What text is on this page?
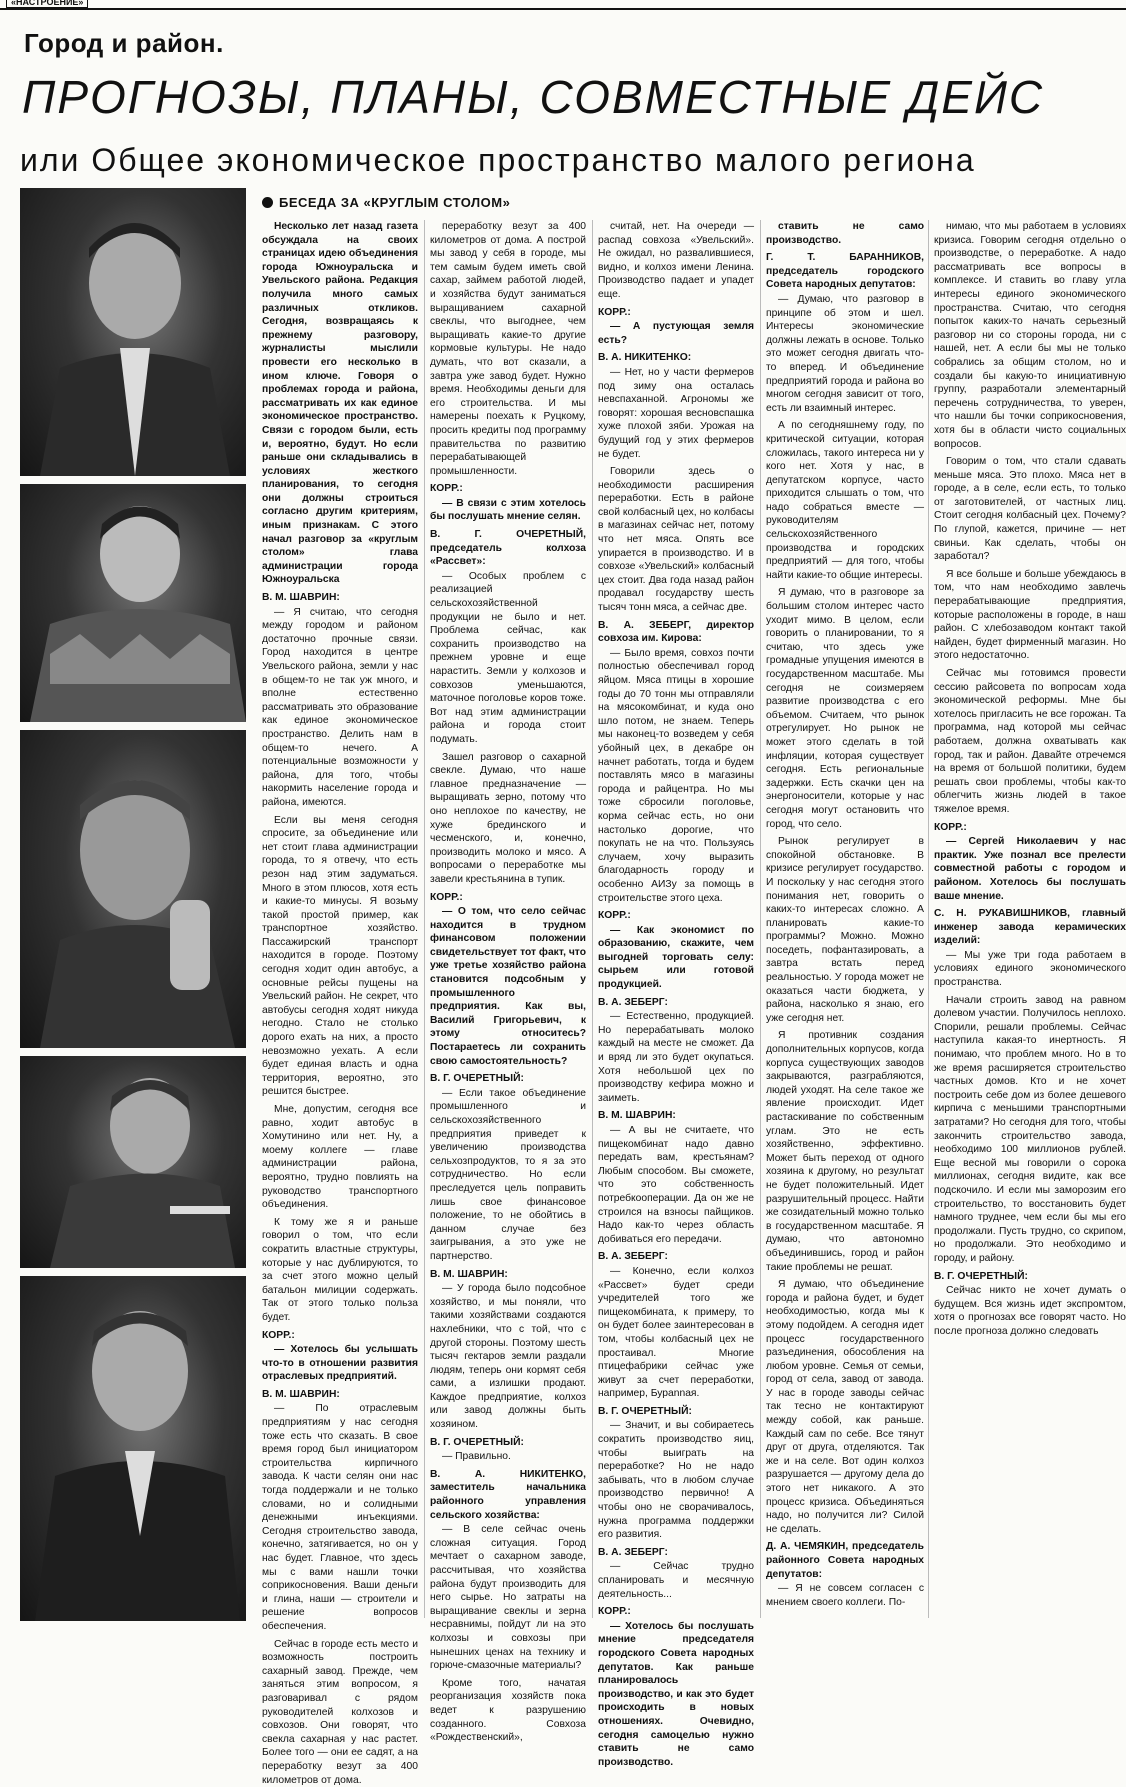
«НАСТРОЕНИЕ»
Город и район.
ПРОГНОЗЫ, ПЛАНЫ, СОВМЕСТНЫЕ ДЕЙС
или Общее экономическое пространство малого региона
БЕСЕДА ЗА «КРУГЛЫМ СТОЛОМ»

Несколько лет назад газета обсуждала на своих страницах идею объединения города Южноуральска и Увельского района. Редакция получила много самых различных откликов. Сегодня, возвращаясь к прежнему разговору, журналисты мыслили провести его несколько в ином ключе. Говоря о проблемах города и района, рассматривать их как единое экономическое пространство. Связи с городом были, есть и, вероятно, будут. Но если раньше они складывались в условиях жесткого планирования, то сегодня они должны строиться согласно другим критериям, иным признакам. С этого начал разговор за «круглым столом» глава администрации города Южноуральска

В. М. ШАВРИН:

— Я считаю, что сегодня между городом и районом достаточно прочные связи. Город находится в центре Увельского района, земли у нас в общем-то не так уж много, и вполне естественно рассматривать это образование как единое экономическое пространство. Делить нам в общем-то нечего. А потенциальные возможности у района, для того, чтобы накормить население города и района, имеются.

Если вы меня сегодня спросите, за объединение или нет стоит глава администрации города, то я отвечу, что есть резон над этим задуматься. Много в этом плюсов, хотя есть и какие-то минусы. Я возьму такой простой пример, как транспортное хозяйство. Пассажирский транспорт находится в городе. Поэтому сегодня ходит один автобус, а основные рейсы пущены на Увельский район. Не секрет, что автобусы сегодня ходят никуда негодно. Стало не столько дорого ехать на них, а просто невозможно уехать. А если будет единая власть и одна территория, вероятно, это решится быстрее.

Мне, допустим, сегодня все равно, ходит автобус в Хомутинино или нет. Ну, а моему коллеге — главе администрации района, вероятно, трудно повлиять на руководство транспортного объединения.

К тому же я и раньше говорил о том, что если сократить властные структуры, которые у нас дублируются, то за счет этого можно целый батальон милиции содержать. Так от этого только польза будет.

КОРР.:

— Хотелось бы услышать что-то в отношении развития отраслевых предприятий.

В. М. ШАВРИН:

— По отраслевым предприятиям у нас сегодня тоже есть что сказать. В свое время город был инициатором строительства кирпичного завода. К части селян они нас тогда поддержали и не только словами, но и солидными денежными инъекциями. Сегодня строительство завода, конечно, затягивается, но он у нас будет. Главное, что здесь мы с вами нашли точки соприкосновения. Ваши деньги и глина, наши — строители и решение вопросов обеспечения.

Сейчас в городе есть место и возможность построить сахарный завод. Прежде, чем заняться этим вопросом, я разговаривал с рядом руководителей колхозов и совхозов. Они говорят, что свекла сахарная у нас растет. Более того — они ее садят, а на переработку везут за 400 километров от дома.

переработку везут за 400 километров от дома. А построй мы завод у себя в городе, мы тем самым будем иметь свой сахар, займем работой людей, и хозяйства будут заниматься выращиванием сахарной свеклы, что выгоднее, чем выращивать какие-то другие кормовые культуры. Не надо думать, что вот сказали, а завтра уже завод будет. Нужно время. Необходимы деньги для его строительства. И мы намерены поехать к Руцкому, просить кредиты под программу правительства по развитию перерабатывающей промышленности.

КОРР.:

— В связи с этим хотелось бы послушать мнение селян.

В. Г. ОЧЕРЕТНЫЙ, председатель колхоза «Рассвет»:

— Особых проблем с реализацией сельскохозяйственной продукции не было и нет. Проблема сейчас, как сохранить производство на прежнем уровне и еще нарастить. Земли у колхозов и совхозов уменьшаются, маточное поголовье коров тоже. Вот над этим администрации района и города стоит подумать.

Зашел разговор о сахарной свекле. Думаю, что наше главное предназначение — выращивать зерно, потому что оно неплохое по качеству, не хуже брединского и чесменского, и, конечно, производить молоко и мясо. А вопросами о переработке мы завели крестьянина в тупик.

КОРР.:

— О том, что село сейчас находится в трудном финансовом положении свидетельствует тот факт, что уже третье хозяйство района становится подсобным у промышленного предприятия. Как вы, Василий Григорьевич, к этому относитесь? Постараетесь ли сохранить свою самостоятельность?

В. Г. ОЧЕРЕТНЫЙ:

— Если такое объединение промышленного и сельскохозяйственного предприятия приведет к увеличению производства сельхозпродуктов, то я за это сотрудничество. Но если преследуется цель поправить лишь свое финансовое положение, то не обойтись в данном случае без заигрывания, а это уже не партнерство.

В. М. ШАВРИН:

— У города было подсобное хозяйство, и мы поняли, что такими хозяйствами создаются нахлебники, что с той, что с другой стороны. Поэтому шесть тысяч гектаров земли раздали людям, теперь они кормят себя сами, а излишки продают. Каждое предприятие, колхоз или завод должны быть хозяином.

В. Г. ОЧЕРЕТНЫЙ:

— Правильно.

В. А. НИКИТЕНКО, заместитель начальника районного управления сельского хозяйства:

— В селе сейчас очень сложная ситуация. Город мечтает о сахарном заводе, рассчитывая, что хозяйства района будут производить для него сырье. Но затраты на выращивание свеклы и зерна несравнимы, пойдут ли на это колхозы и совхозы при нынешних ценах на технику и горюче-смазочные материалы?

Кроме того, начатая реорганизация хозяйств пока ведет к разрушению созданного. Совхоза «Рождественский»,

считай, нет. На очереди — распад совхоза «Увельский». Не ожидал, но развалившиеся, видно, и колхоз имени Ленина. Производство падает и упадет еще.

КОРР.:

— А пустующая земля есть?

В. А. НИКИТЕНКО:

— Нет, но у части фермеров под зиму она осталась невспаханной. Агрономы же говорят: хорошая весновспашка хуже плохой зяби. Урожая на будущий год у этих фермеров не будет.

Говорили здесь о необходимости расширения переработки. Есть в районе свой колбасный цех, но колбасы в магазинах сейчас нет, потому что нет мяса. Опять все упирается в производство. И в совхозе «Увельский» колбасный цех стоит. Два года назад район продавал государству шесть тысяч тонн мяса, а сейчас две.

В. А. ЗЕБЕРГ, директор совхоза им. Кирова:

— Было время, совхоз почти полностью обеспечивал город яйцом. Мяса птицы в хорошие годы до 70 тонн мы отправляли на мясокомбинат, и куда оно шло потом, не знаем. Теперь мы наконец-то возведем у себя убойный цех, в декабре он начнет работать, тогда и будем поставлять мясо в магазины города и райцентра. Но мы тоже сбросили поголовье, корма сейчас есть, но они настолько дорогие, что покупать не на что. Пользуясь случаем, хочу выразить благодарность городу и особенно АИЗу за помощь в строительстве этого цеха.

КОРР.:

— Как экономист по образованию, скажите, чем выгодней торговать селу: сырьем или готовой продукцией.

В. А. ЗЕБЕРГ:

— Естественно, продукцией. Но перерабатывать молоко каждый на месте не сможет. Да и вряд ли это будет окупаться. Хотя небольшой цех по производству кефира можно и заиметь.

В. М. ШАВРИН:

— А вы не считаете, что пищекомбинат надо давно передать вам, крестьянам? Любым способом. Вы сможете, что это собственность потребкооперации. Да он же не строился на взносы пайщиков. Надо как-то через область добиваться его передачи.

В. А. ЗЕБЕРГ:

— Конечно, если колхоз «Рассвет» будет среди учредителей того же пищекомбината, к примеру, то он будет более заинтересован в том, чтобы колбасный цех не простаивал. Многие птицефабрики сейчас уже живут за счет переработки, например, Бурannaя.

В. Г. ОЧЕРЕТНЫЙ:

— Значит, и вы собираетесь сократить производство яиц, чтобы выиграть на переработке? Но не надо забывать, что в любом случае производство первично! А чтобы оно не сворачивалось, нужна программа поддержки его развития.

В. А. ЗЕБЕРГ:

— Сейчас трудно спланировать и месячную деятельность...

КОРР.:

— Хотелось бы послушать мнение председателя городского Совета народных депутатов. Как раньше планировалось производство, и как это будет происходить в новых отношениях. Очевидно, сегодня самоцелью нужно ставить не само производство.

ставить не само производство.

Г. Т. БАРАННИКОВ, председатель городского Совета народных депутатов:

— Думаю, что разговор в принципе об этом и шел. Интересы экономические должны лежать в основе. Только это может сегодня двигать что-то вперед. И объединение предприятий города и района во многом сегодня зависит от того, есть ли взаимный интерес.

А по сегодняшнему году, по критической ситуации, которая сложилась, такого интереса ни у кого нет. Хотя у нас, в депутатском корпусе, часто приходится слышать о том, что надо собраться вместе — руководителям сельскохозяйственного производства и городских предприятий — для того, чтобы найти какие-то общие интересы.

Я думаю, что в разговоре за большим столом интерес часто уходит мимо. В целом, если говорить о планировании, то я считаю, что здесь уже громадные упущения имеются в государственном масштабе. Мы сегодня не соизмеряем развитие производства с его объемом. Считаем, что рынок отрегулирует. Но рынок не может этого сделать в той инфляции, которая существует сегодня. Есть региональные задержки. Есть скачки цен на энергоносители, которые у нас сегодня могут остановить что город, что село.

Рынок регулирует в спокойной обстановке. В кризисе регулирует государство. И поскольку у нас сегодня этого понимания нет, говорить о каких-то интересах сложно. А планировать какие-то программы? Можно. Можно поседеть, пофантазировать, а завтра встать перед реальностью. У города может не оказаться части бюджета, у района, насколько я знаю, его уже сегодня нет.

Я противник создания дополнительных корпусов, когда корпуса существующих заводов закрываются, разграбляются, людей уходят. На селе такое же явление происходит. Идет растаскивание по собственным углам. Это не есть хозяйственно, эффективно. Может быть переход от одного хозяина к другому, но результат не будет положительный. Идет разрушительный процесс. Найти же созидательный можно только в государственном масштабе. Я думаю, что автономно объединившись, город и район такие проблемы не решат.

Я думаю, что объединение города и района будет, и будет необходимостью, когда мы к этому подойдем. А сегодня идет процесс государственного разъединения, обособления на любом уровне. Семья от семьи, город от села, завод от завода. У нас в городе заводы сейчас так тесно не контактируют между собой, как раньше. Каждый сам по себе. Все тянут друг от друга, отделяются. Так же и на селе. Вот один колхоз разрушается — другому дела до этого нет никакого. А это процесс кризиса. Объединяться надо, но получится ли? Силой не сделать.

Д. А. ЧЕМЯКИН, председатель районного Совета народных депутатов:

— Я не совсем согласен с мнением своего коллеги. По-

нимаю, что мы работаем в условиях кризиса. Говорим сегодня отдельно о производстве, о переработке. А надо рассматривать все вопросы в комплексе. И ставить во главу угла интересы единого экономического пространства. Считаю, что сегодня попыток каких-то начать серьезный разговор ни со стороны города, ни с нашей, нет. А если бы мы не только собрались за общим столом, но и создали бы какую-то инициативную группу, разработали элементарный перечень сотрудничества, то уверен, что нашли бы точки соприкосновения, хотя бы в области чисто социальных вопросов.

Говорим о том, что стали сдавать меньше мяса. Это плохо. Мяса нет в городе, а в селе, если есть, то только от заготовителей, от частных лиц. Стоит сегодня колбасный цех. Почему? По глупой, кажется, причине — нет свиньи. Как сделать, чтобы он заработал?

Я все больше и больше убеждаюсь в том, что нам необходимо завлечь перерабатывающие предприятия, которые расположены в городе, в наш район. С хлебозаводом контакт такой найден, будет фирменный магазин. Но этого недостаточно.

Сейчас мы готовимся провести сессию райсовета по вопросам хода экономической реформы. Мне бы хотелось пригласить не все горожан. Та программа, над которой мы сейчас работаем, должна охватывать как город, так и район. Давайте отречемся на время от большой политики, будем решать свои проблемы, чтобы как-то облегчить жизнь людей в такое тяжелое время.

КОРР.:

— Сергей Николаевич у нас практик. Уже познал все прелести совместной работы с городом и районом. Хотелось бы послушать ваше мнение.

С. Н. РУКАВИШНИКОВ, главный инженер завода керамических изделий:

— Мы уже три года работаем в условиях единого экономического пространства.

Начали строить завод на равном долевом участии. Получилось неплохо. Спорили, решали проблемы. Сейчас наступила какая-то инертность. Я понимаю, что проблем много. Но в то же время расширяется строительство частных домов. Кто и не хочет построить себе дом из более дешевого кирпича с меньшими транспортными затратами? Но сегодня для того, чтобы закончить строительство завода, необходимо 100 миллионов рублей. Еще весной мы говорили о сорока миллионах, сегодня видите, как все подскочило. И если мы заморозим его строительство, то восстановить будет намного труднее, чем если бы мы его продолжали. Пусть трудно, со скрипом, но продолжали. Это необходимо и городу, и району.

В. Г. ОЧЕРЕТНЫЙ:

Сейчас никто не хочет думать о будущем. Вся жизнь идет экспромтом, хотя о прогнозах все говорят часто. Но после прогноза должно следовать
